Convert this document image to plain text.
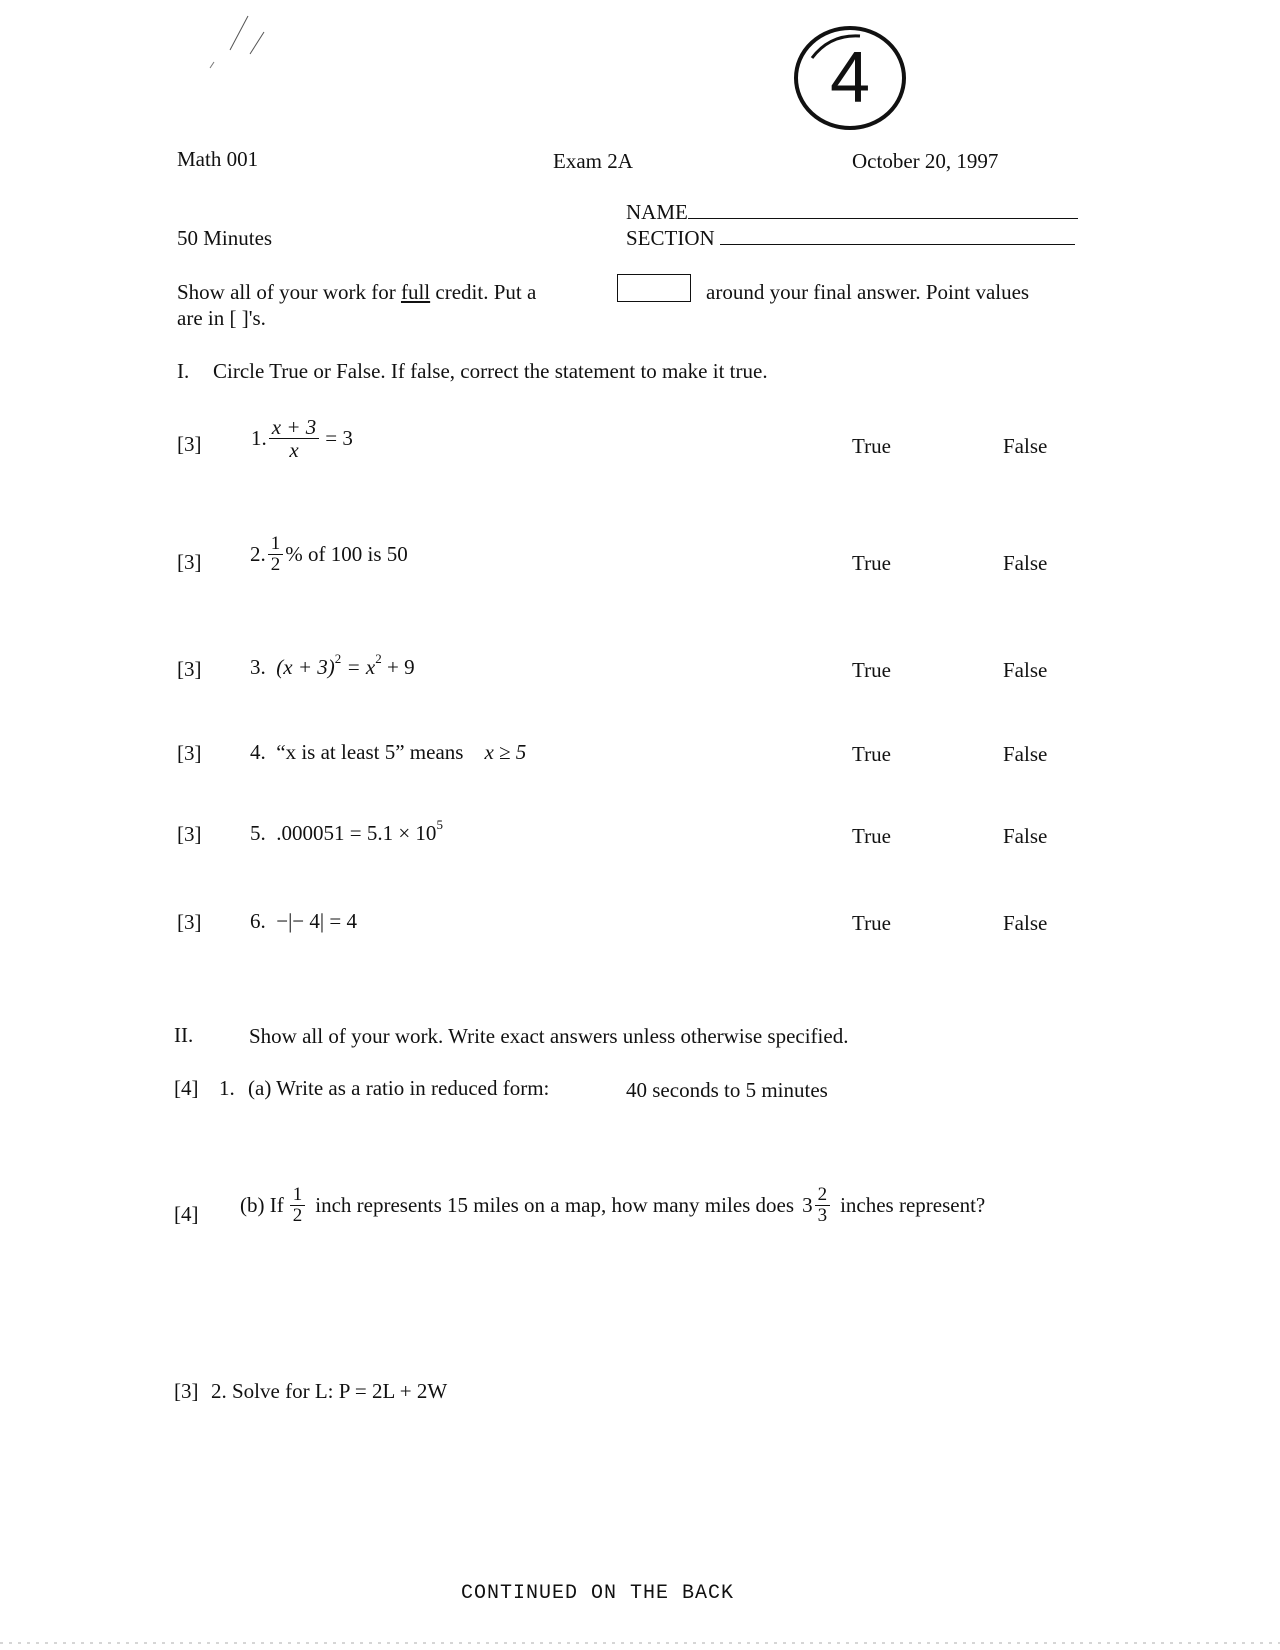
4
Math 001	Exam 2A	October 20, 1997
NAME
50 Minutes	SECTION
Show all of your work for full credit. Put a	around your final answer. Point values
are in [ ]'s.
I. Circle True or False. If false, correct the statement to make it true.
[3] 1. $\frac{x + 3}{x} = 3$	True	False
[3] 2. $\frac{1}{2}$ % of 100 is 50	True	False
[3] 3. $(x + 3)^2 = x^2 + 9$	True	False
[3] 4. “x is at least 5” means x ≥ 5	True	False
[3] 5. $.000051 = 5.1 \times 10^5$	True	False
[3] 6. −|− 4| = 4	True	False
II.	Show all of your work. Write exact answers unless otherwise specified.
[4] 1. (a) Write as a ratio in reduced form:	40 seconds to 5 minutes
[4] (b) If $\frac{1}{2}$ inch represents 15 miles on a map, how many miles does $3 \frac{2}{3}$ inches represent?
[3] 2. Solve for L: P = 2L + 2W
CONTINUED ON THE BACK
